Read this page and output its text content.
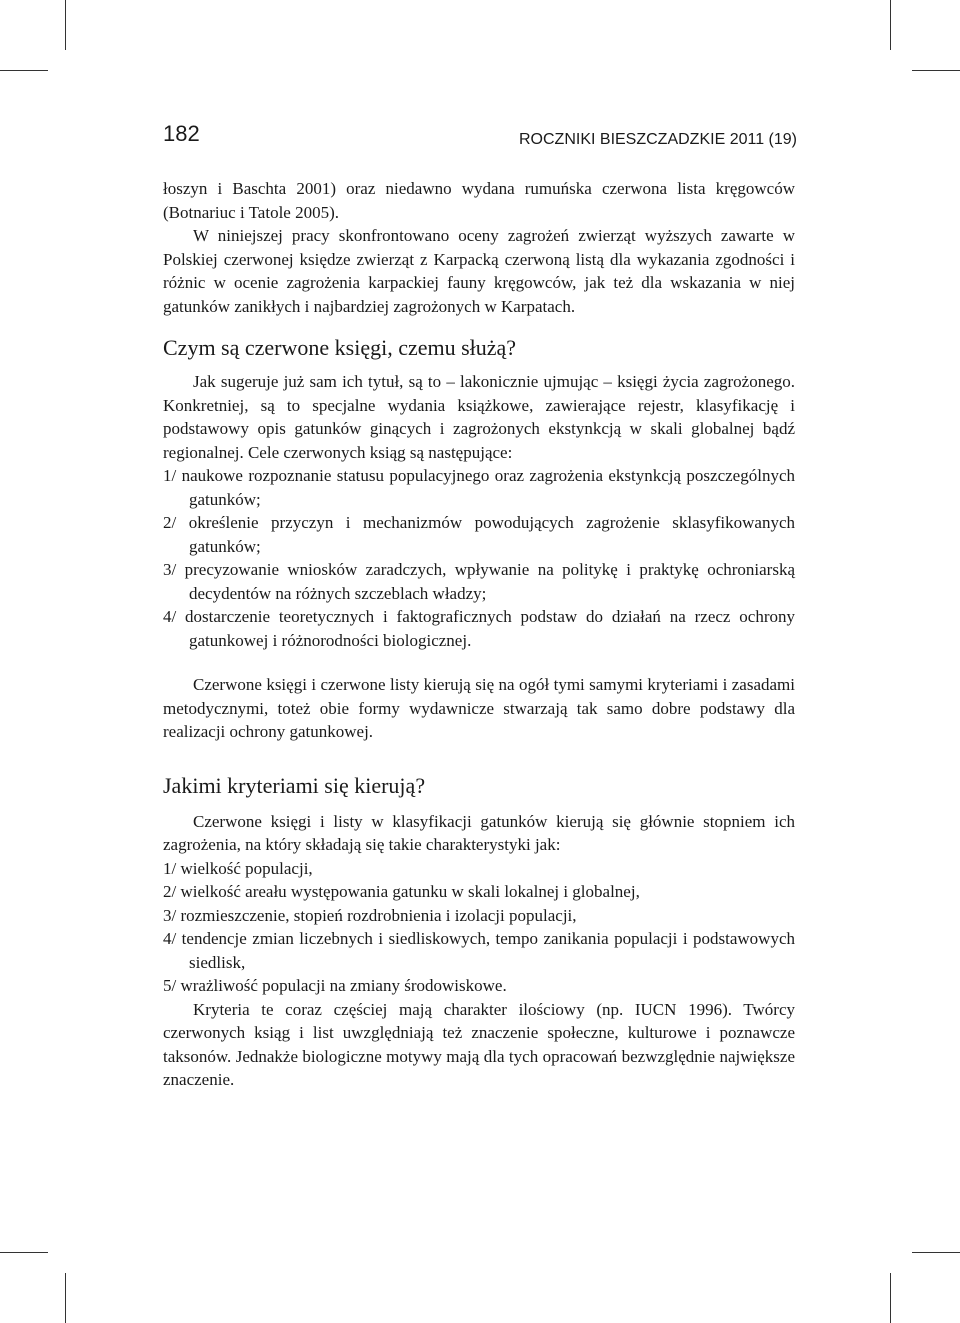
182	ROCZNIKI BIESZCZADZKIE 2011 (19)

łoszyn i Baschta 2001) oraz niedawno wydana rumuńska czerwona lista kręgowców (Botnariuc i Tatole 2005).

W niniejszej pracy skonfrontowano oceny zagrożeń zwierząt wyższych zawarte w Polskiej czerwonej księdze zwierząt z Karpacką czerwoną listą dla wykazania zgodności i różnic w ocenie zagrożenia karpackiej fauny kręgowców, jak też dla wskazania w niej gatunków zanikłych i najbardziej zagrożonych w Karpatach.

Czym są czerwone księgi, czemu służą?

Jak sugeruje już sam ich tytuł, są to – lakonicznie ujmując – księgi życia zagrożonego. Konkretniej, są to specjalne wydania książkowe, zawierające rejestr, klasyfikację i podstawowy opis gatunków ginących i zagrożonych ekstynkcją w skali globalnej bądź regionalnej. Cele czerwonych ksiąg są następujące:

1/ naukowe rozpoznanie statusu populacyjnego oraz zagrożenia ekstynkcją poszczególnych gatunków;

2/ określenie przyczyn i mechanizmów powodujących zagrożenie sklasyfikowanych gatunków;

3/ precyzowanie wniosków zaradczych, wpływanie na politykę i praktykę ochroniarską decydentów na różnych szczeblach władzy;

4/ dostarczenie teoretycznych i faktograficznych podstaw do działań na rzecz ochrony gatunkowej i różnorodności biologicznej.

Czerwone księgi i czerwone listy kierują się na ogół tymi samymi kryteriami i zasadami metodycznymi, toteż obie formy wydawnicze stwarzają tak samo dobre podstawy dla realizacji ochrony gatunkowej.

Jakimi kryteriami się kierują?

Czerwone księgi i listy w klasyfikacji gatunków kierują się głównie stopniem ich zagrożenia, na który składają się takie charakterystyki jak:

1/ wielkość populacji,

2/ wielkość areału występowania gatunku w skali lokalnej i globalnej,

3/ rozmieszczenie, stopień rozdrobnienia i izolacji populacji,

4/ tendencje zmian liczebnych i siedliskowych, tempo zanikania populacji i podstawowych siedlisk,

5/ wrażliwość populacji na zmiany środowiskowe.

Kryteria te coraz częściej mają charakter ilościowy (np. IUCN 1996). Twórcy czerwonych ksiąg i list uwzględniają też znaczenie społeczne, kulturowe i poznawcze taksonów. Jednakże biologiczne motywy mają dla tych opracowań bezwzględnie największe znaczenie.
